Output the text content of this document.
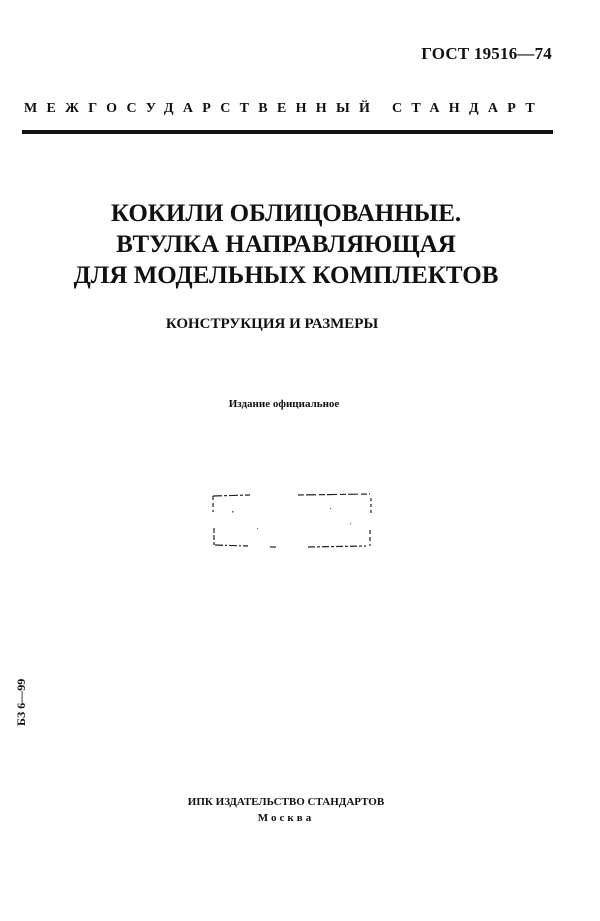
ГОСТ 19516—74
МЕЖГОСУДАРСТВЕННЫЙ СТАНДАРТ
КОКИЛИ ОБЛИЦОВАННЫЕ.
ВТУЛКА НАПРАВЛЯЮЩАЯ
ДЛЯ МОДЕЛЬНЫХ КОМПЛЕКТОВ
КОНСТРУКЦИЯ И РАЗМЕРЫ
Издание официальное
БЗ 6—99
ИПК ИЗДАТЕЛЬСТВО СТАНДАРТОВ
Москва
